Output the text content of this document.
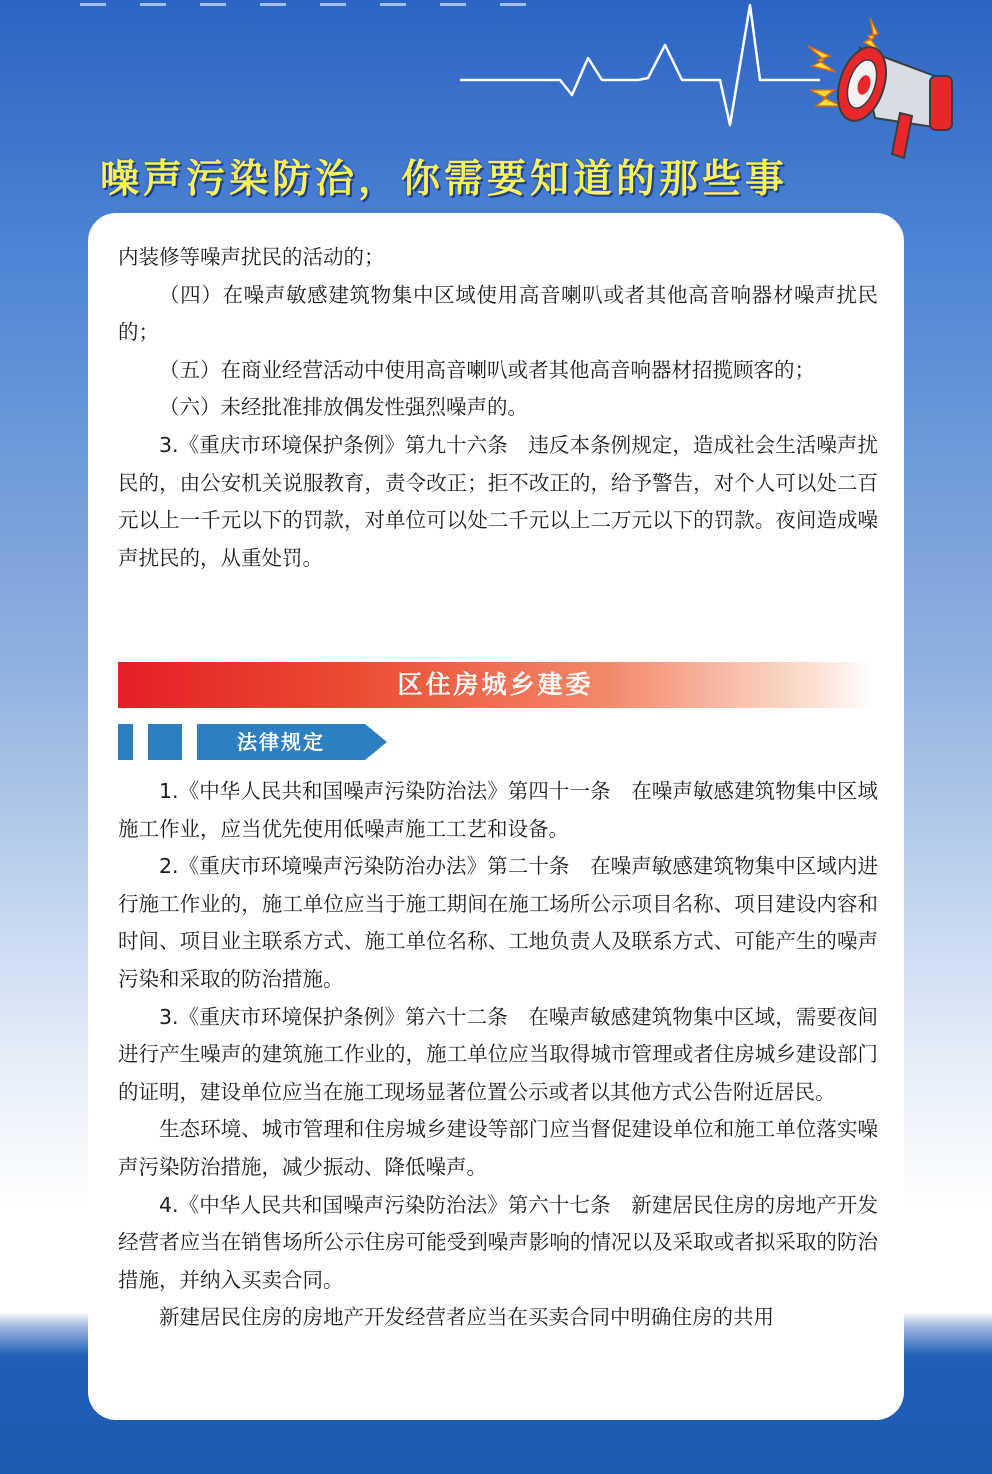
噪声污染防治，你需要知道的那些事

内装修等噪声扰民的活动的；

（四）在噪声敏感建筑物集中区域使用高音喇叭或者其他高音响器材噪声扰民的；

（五）在商业经营活动中使用高音喇叭或者其他高音响器材招揽顾客的；

（六）未经批准排放偶发性强烈噪声的。

3.《重庆市环境保护条例》第九十六条　违反本条例规定，造成社会生活噪声扰民的，由公安机关说服教育，责令改正；拒不改正的，给予警告，对个人可以处二百元以上一千元以下的罚款，对单位可以处二千元以上二万元以下的罚款。夜间造成噪声扰民的，从重处罚。

区住房城乡建委
法律规定

1.《中华人民共和国噪声污染防治法》第四十一条　在噪声敏感建筑物集中区域施工作业，应当优先使用低噪声施工工艺和设备。

2.《重庆市环境噪声污染防治办法》第二十条　在噪声敏感建筑物集中区域内进行施工作业的，施工单位应当于施工期间在施工场所公示项目名称、项目建设内容和时间、项目业主联系方式、施工单位名称、工地负责人及联系方式、可能产生的噪声污染和采取的防治措施。

3.《重庆市环境保护条例》第六十二条　在噪声敏感建筑物集中区域，需要夜间进行产生噪声的建筑施工作业的，施工单位应当取得城市管理或者住房城乡建设部门的证明，建设单位应当在施工现场显著位置公示或者以其他方式公告附近居民。

生态环境、城市管理和住房城乡建设等部门应当督促建设单位和施工单位落实噪声污染防治措施，减少振动、降低噪声。

4.《中华人民共和国噪声污染防治法》第六十七条　新建居民住房的房地产开发经营者应当在销售场所公示住房可能受到噪声影响的情况以及采取或者拟采取的防治措施，并纳入买卖合同。

新建居民住房的房地产开发经营者应当在买卖合同中明确住房的共用
